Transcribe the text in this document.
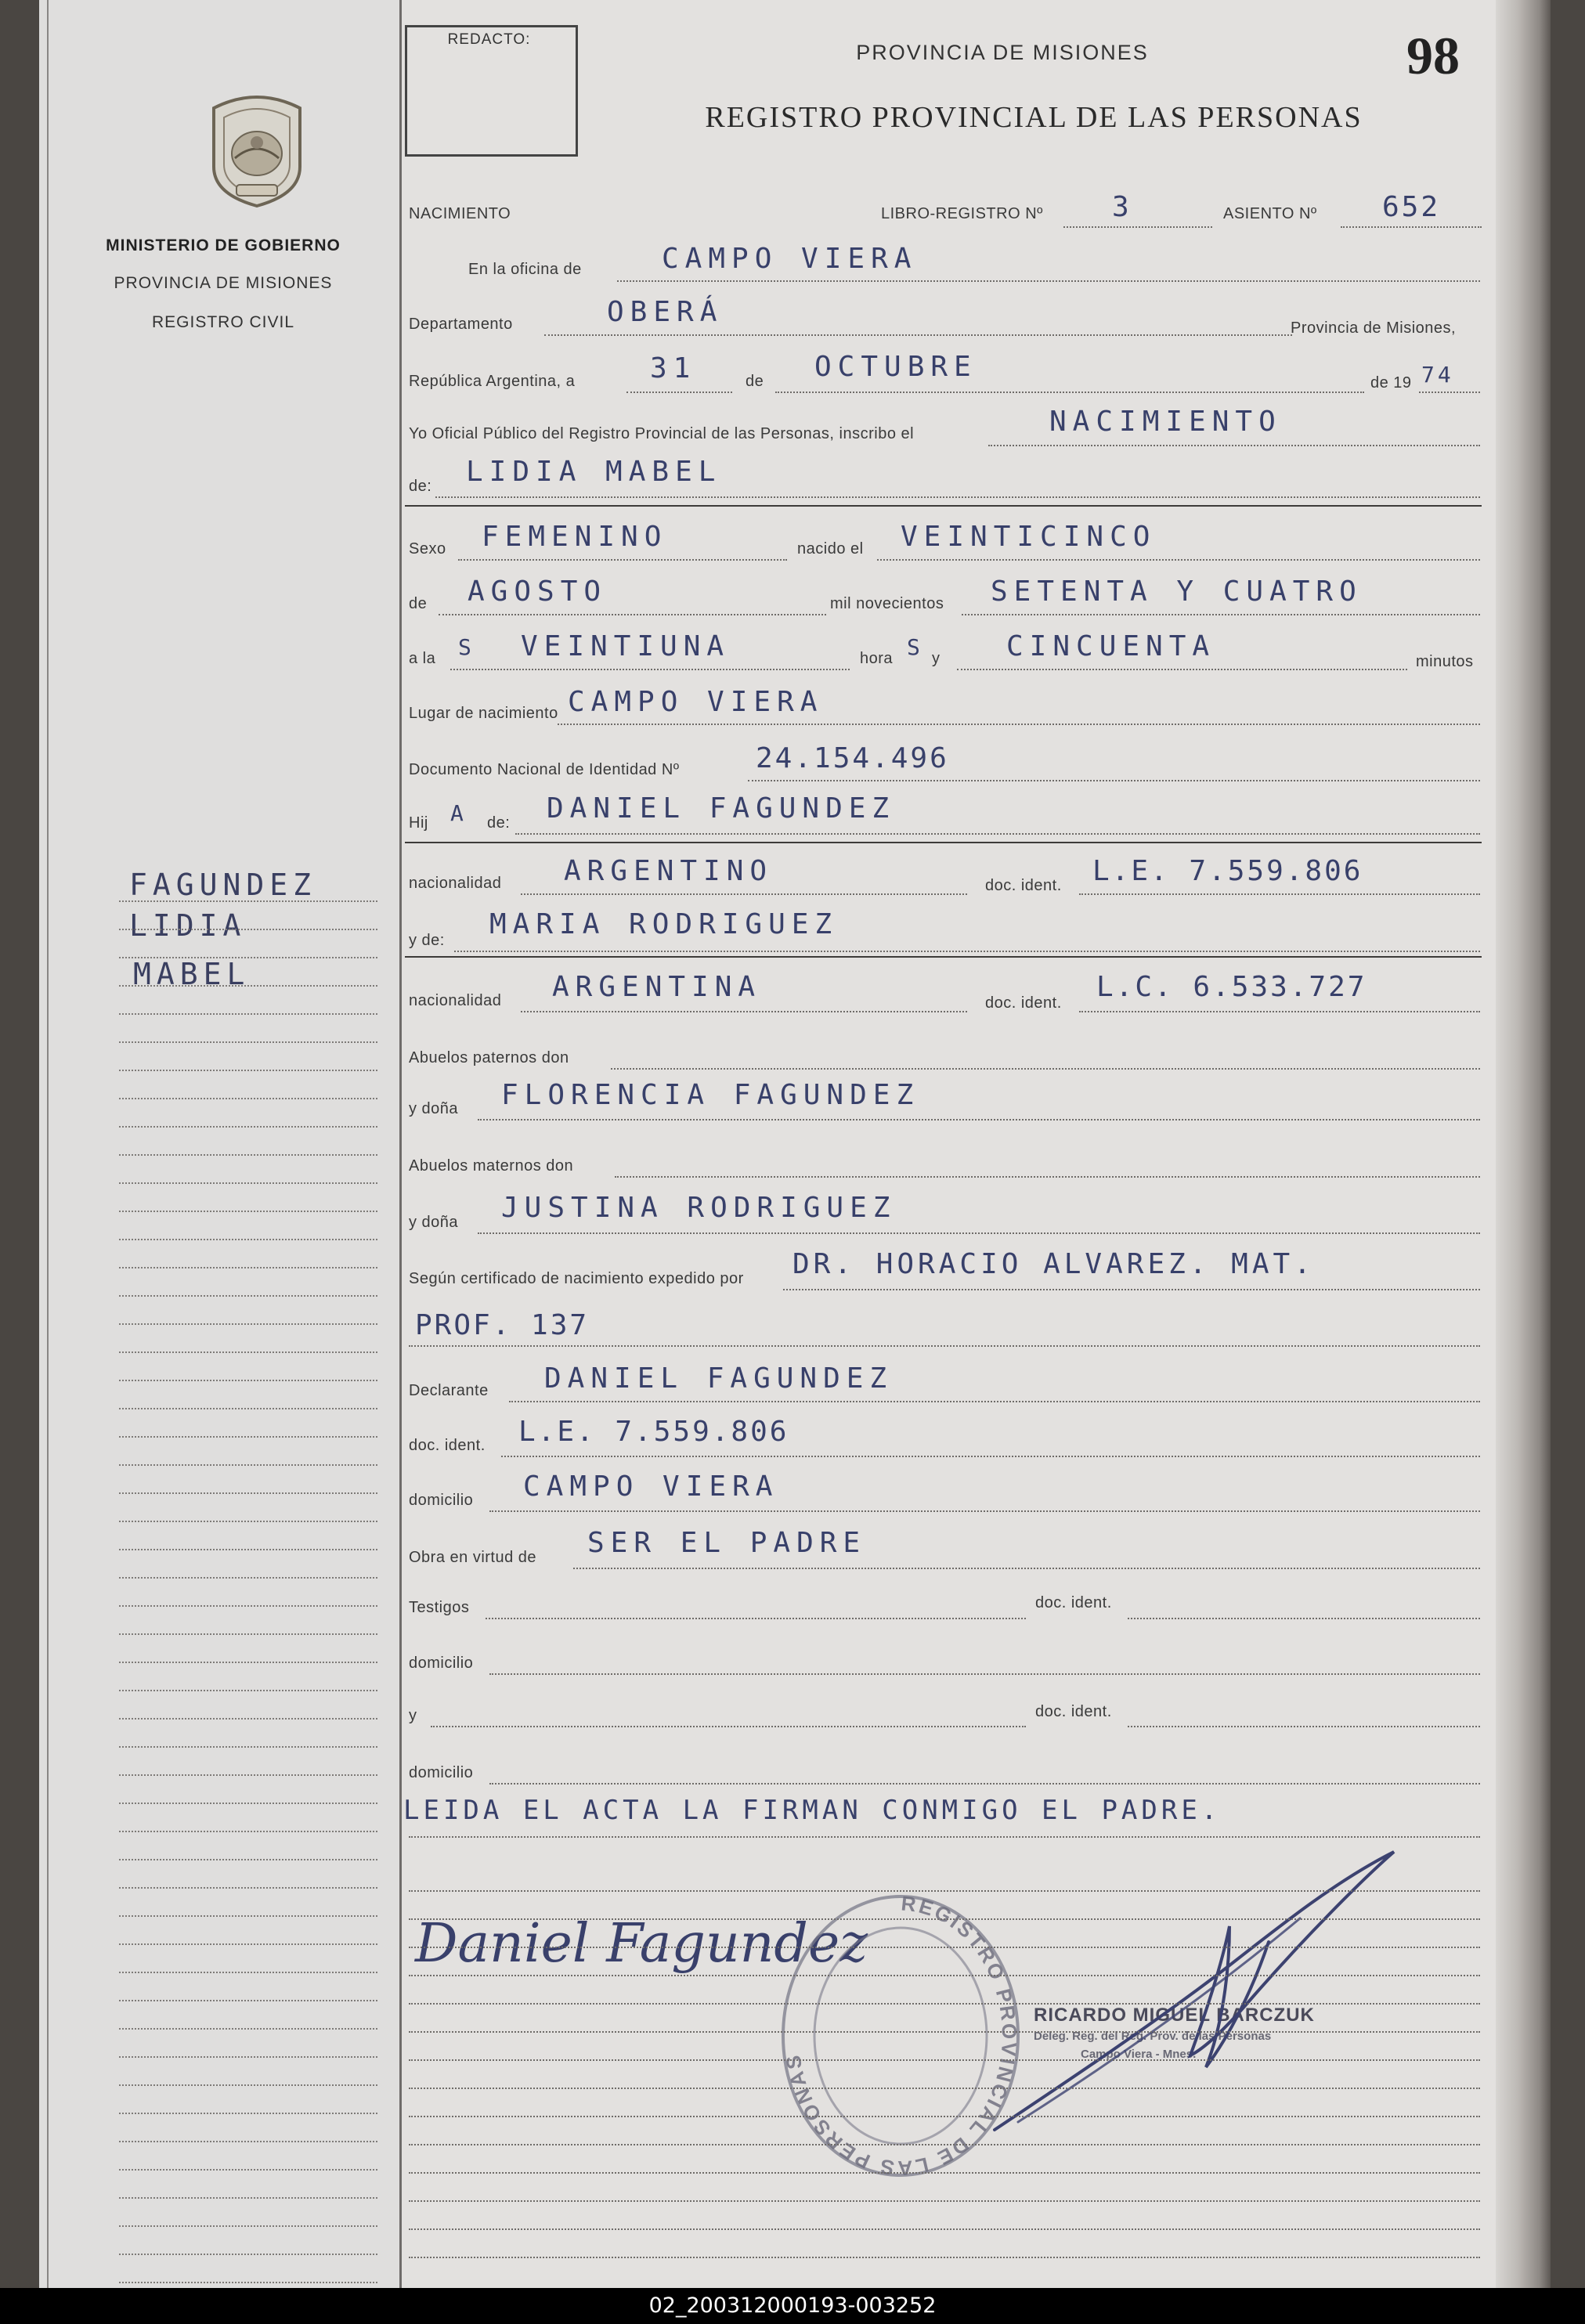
MINISTERIO DE GOBIERNO
PROVINCIA DE MISIONES
REGISTRO CIVIL
FAGUNDEZ
LIDIA
MABEL
REDACTO:
PROVINCIA DE MISIONES	98
REGISTRO PROVINCIAL DE LAS PERSONAS
NACIMIENTO	LIBRO-REGISTRO Nº 3	ASIENTO Nº 652
En la oficina de	CAMPO VIERA
Departamento	OBERÁ	Provincia de Misiones,
República Argentina, a	31	de OCTUBRE	de 19 74
Yo Oficial Público del Registro Provincial de las Personas, inscribo el	NACIMIENTO
de: LIDIA MABEL
Sexo FEMENINO	nacido el VEINTICINCO
de AGOSTO	mil novecientos SETENTA Y CUATRO
a la S VEINTIUNA	hora S y CINCUENTA	minutos
Lugar de nacimiento CAMPO VIERA
Documento Nacional de Identidad Nº	24.154.496
Hij A de: DANIEL FAGUNDEZ
nacionalidad ARGENTINO	doc. ident. L.E. 7.559.806
y de: MARIA RODRIGUEZ
nacionalidad ARGENTINA	doc. ident. L.C. 6.533.727
Abuelos paternos don
y doña FLORENCIA FAGUNDEZ
Abuelos maternos don
y doña JUSTINA RODRIGUEZ
Según certificado de nacimiento expedido por DR. HORACIO ALVAREZ. MAT.
PROF. 137
Declarante DANIEL FAGUNDEZ
doc. ident. L.E. 7.559.806
domicilio CAMPO VIERA
Obra en virtud de SER EL PADRE
Testigos	doc. ident.
domicilio
y	doc. ident.
domicilio
LEIDA EL ACTA LA FIRMAN CONMIGO EL PADRE.
Daniel Fagundez
REGISTRO PROVINCIAL DE LAS PERSONAS
RICARDO MIGUEL BARCZUK
Deleg. Reg. del Reg. Prov. de las Personas
Campo Viera - Mnes.
02_200312000193-003252
